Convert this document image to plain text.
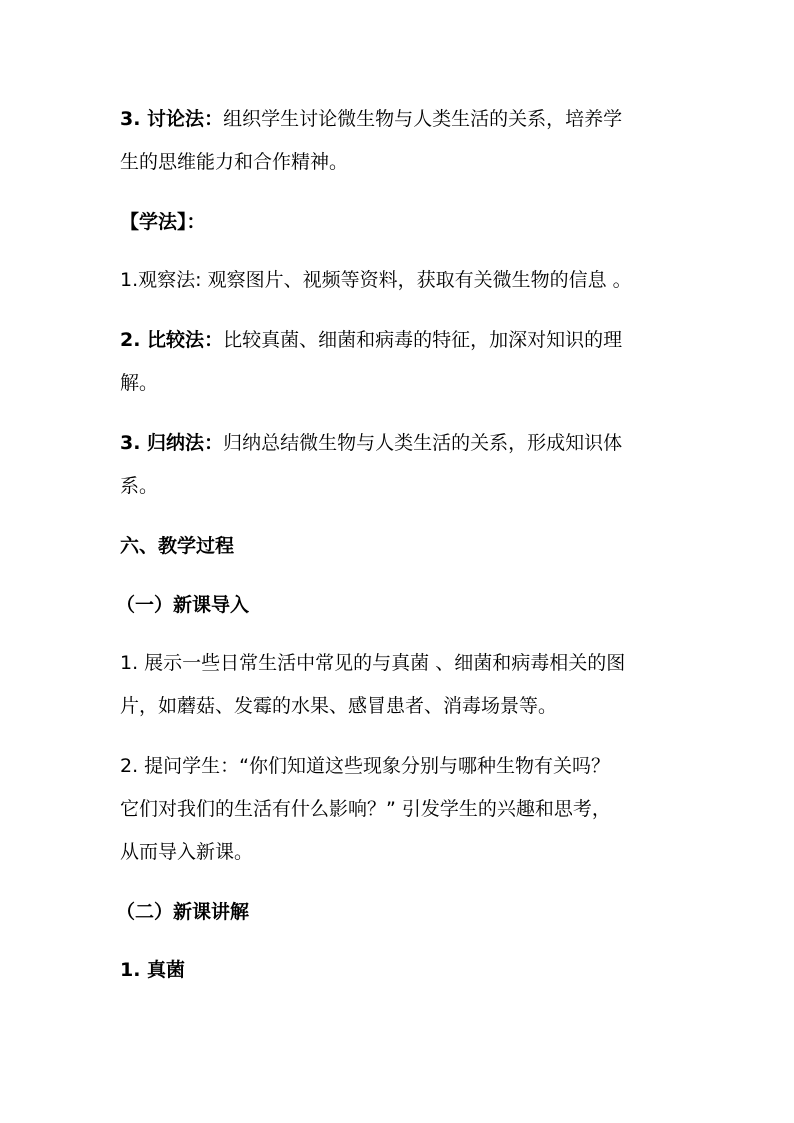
3. 讨论法：组织学生讨论微生物与人类生活的关系，培养学
生的思维能力和合作精神。
【学法】：
1.观察法: 观察图片、视频等资料，获取有关微生物的信息 。
2. 比较法：比较真菌、细菌和病毒的特征，加深对知识的理
解。
3. 归纳法：归纳总结微生物与人类生活的关系，形成知识体
系。
六、教学过程
（一）新课导入
1. 展示一些日常生活中常见的与真菌 、细菌和病毒相关的图
片，如蘑菇、发霉的水果、感冒患者、消毒场景等。
2. 提问学生：“你们知道这些现象分别与哪种生物有关吗？
它们对我们的生活有什么影响？” 引发学生的兴趣和思考，
从而导入新课。
（二）新课讲解
1. 真菌
